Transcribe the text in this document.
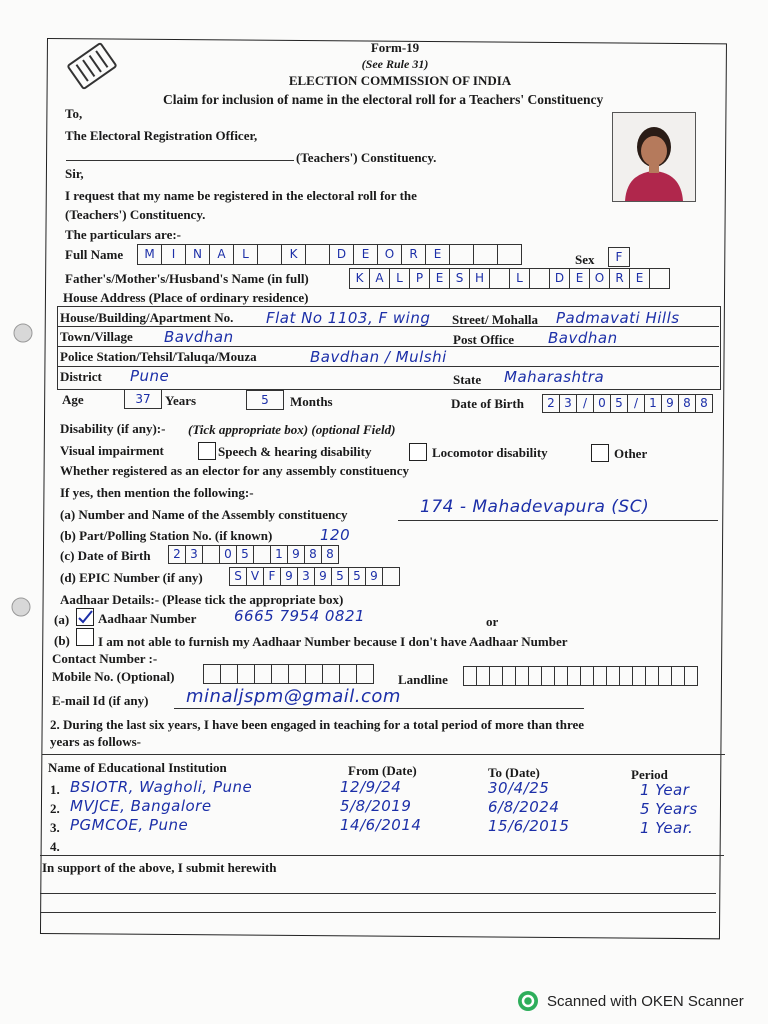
Form-19
(See Rule 31)
ELECTION COMMISSION OF INDIA
Claim for inclusion of name in the electoral roll for a Teachers' Constituency
To,
The Electoral Registration Officer,
(Teachers') Constituency.
Sir,
I request that my name be registered in the electoral roll for the
(Teachers') Constituency.
The particulars are:-
Full Name	M	I	N	A	L	K	D	E	O	R	E	Sex	F
Father's/Mother's/Husband's Name (in full)	K A	L	P	E	S H	L	D E O R	E
House Address (Place of ordinary residence)
House/Building/Apartment No. Flat No 1103, F wing Street/ Mohalla Padmavati Hills
Town/Village Bavdhan	Post Office Bavdhan
Police Station/Tehsil/Taluqa/Mouza	Bavdhan / Mulshi
District Pune	State Maharashtra
Age	37	Years	5	Months	Date of Birth	2 3 / 0 5 / 1 9 8 8
Disability (if any):- (Tick appropriate box) (optional Field)
Visual impairment	Speech & hearing disability	Locomotor disability	Other
Whether registered as an elector for any assembly constituency
If yes, then mention the following:-
(a) Number and Name of the Assembly constituency	174 - Mahadevapura (SC)
(b) Part/Polling Station No. (if known)	120
(c) Date of Birth	2 3	0 5	1 9 8 8
(d) EPIC Number (if any)	S V F 9 3 9 5 5 9
Aadhaar Details:- (Please tick the appropriate box)
(a) Aadhaar Number	6665 7954 0821	or
(b) I am not able to furnish my Aadhaar Number because I don't have Aadhaar Number
Contact Number :-
Mobile No. (Optional)	Landline
E-mail Id (if any) minaljspm@gmail.com
2. During the last six years, I have been engaged in teaching for a total period of more than three
years as follows-
Name of Educational Institution	From (Date)	To (Date)	Period
1. BSIOTR, Wagholi, Pune	12/9/24	30/4/25	1 Year
2. MVJCE, Bangalore	5/8/2019	6/8/2024	5 Years
3. PGMCOE, Pune	14/6/2014	15/6/2015	1 Year.
4.
In support of the above, I submit herewith
Scanned with OKEN Scanner
